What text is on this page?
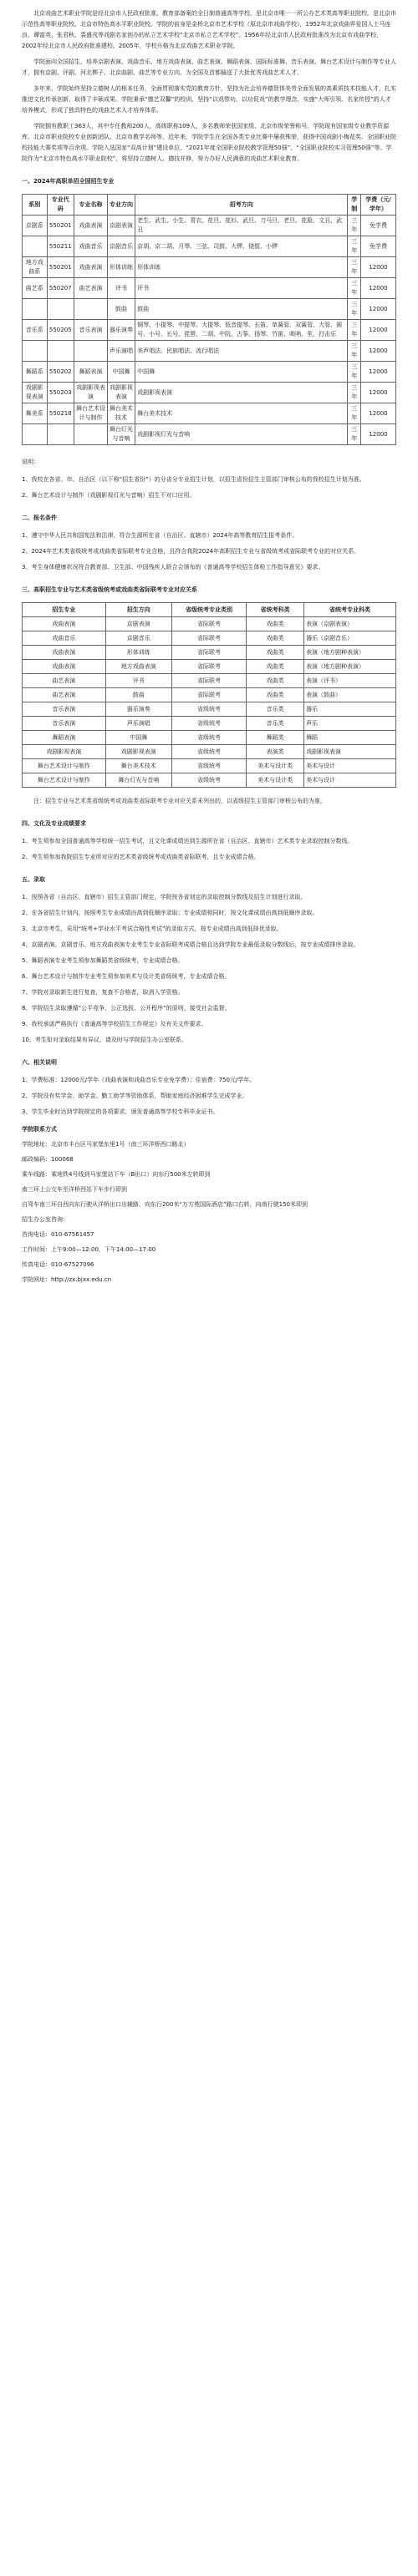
北京戏曲艺术职业学院是经北京市人民政府批准、教育部备案的全日制普通高等学校，是北京市唯一一所公办艺术类高等职业院校。是北京市示范性高等职业院校、北京市特色高水平职业院校。学院的前身是金桥北京市艺术学校（原北京市戏曲学校），1952年北京戏曲界爱国人士马连良、谭富英、张君秋、裘盛戎等戏剧名家创办的私立艺术学校“北京市私立艺术学校”。1956年经北京市人民政府批准改为北京市戏曲学校，2002年经北京市人民政府批准建校。2005年，学校升格为北京戏曲艺术职业学院。

学院面向全国招生，培养京剧表演、戏曲音乐、地方戏曲表演、曲艺表演、舞蹈表演、国际标准舞、音乐表演、舞台艺术设计与制作等专业人才，拥有京剧、评剧、河北梆子、北京曲剧、曲艺等专业方向。为全国及首都输送了大批优秀戏曲艺术人才。

多年来，学院始终坚持立德树人的根本任务，全面贯彻落实党的教育方针，坚持为社会培养德智体美劳全面发展的高素质技术技能人才，扎实推进文化传承创新，取得了丰硕成果。学院秉承“德艺双馨”的校训，坚持“以戏带功，以功促戏”的教学理念，实施“大师引领、名家传授”的人才培养模式，形成了独具特色的戏曲艺术人才培养体系。

学院拥有教职工363人，其中专任教师200人，高级职称109人，多名教师荣获国家级、北京市级荣誉称号。学院现有国家级专业教学资源库、北京市职业院校专业创新团队、北京市教学名师等。近年来，学院学生在全国各类专业比赛中屡获殊荣，获得中国戏剧小梅花奖、全国职业院校技能大赛奖项等百余项。学院入选国家“双高计划”建设单位、“2021年度全国职业院校教学管理50强”、“全国职业院校实习管理50强”等。学院作为“北京市特色高水平职业院校”，将坚持立德树人、德技并修，努力办好人民满意的戏曲艺术职业教育。

一、2024年高职单招全国招生专业
系别	专业代码	专业名称	专业方向	招考方向	学制	学费（元/学年）
京剧系	550201	戏曲表演	京剧表演	老生、武生、小生、青衣、花旦、花衫、武旦、刀马旦、老旦、花脸、文丑、武丑	三年	免学费
	550211	戏曲音乐	京剧音乐	京胡、京二胡、月琴、三弦、司鼓、大锣、铙钹、小锣	三年	免学费
地方戏曲系	550201	戏曲表演	形体训练	形体训练	三年	12000
曲艺系	550207	曲艺表演	评书	评书	三年	12000
			鼓曲	鼓曲	三年	12000
音乐系	550205	音乐表演	器乐演奏	钢琴、小提琴、中提琴、大提琴、低音提琴、长笛、单簧管、双簧管、大管、圆号、小号、长号、琵琶、二胡、中阮、古筝、扬琴、竹笛、唢呐、笙、打击乐	三年	12000
			声乐演唱	美声唱法、民族唱法、流行唱法	三年	12000
舞蹈系	550202	舞蹈表演	中国舞	中国舞	三年	12000
戏剧影视表演	550203	戏剧影视表演	戏剧影视表演	戏剧影视表演	三年	12000
舞美系	550218	舞台艺术设计与制作	舞台美术技术	舞台美术技术	三年	12000
			舞台灯光与音响	戏剧影视灯光与音响	三年	12000
说明：

1、我校在各省、市、自治区（以下称“招生省份”）的分省分专业招生计划，以招生省份招生主管部门审核公布的我校招生计划为准。

2、舞台艺术设计与制作（戏剧影视灯光与音响）招生不对口应用。

二、报名条件

1、遵守中华人民共和国宪法和法律，符合生源所在省（自治区、直辖市）2024年高等教育招生报考条件。

2、2024年艺术类省级统考或戏曲类省际联考专业合格，且符合我院2024年高职招生专业与省级统考或省际联考专业的对应关系。

3、考生身体健康状况符合教育部、卫生部、中国残疾人联合会颁布的《普通高等学校招生体检工作指导意见》要求。

三、高职招生专业与艺术类省级统考或戏曲类省际联考专业对应关系
招生专业	招生方向	省级统考专业类别	省统考科类	省统考专业科类
戏曲表演	京剧表演	省际联考	戏曲类	表演（京剧表演）
戏曲音乐	京剧音乐	省际联考	戏曲类	器乐（京剧音乐）
戏曲表演	形体训练	省际联考	戏曲类	表演（地方剧种表演）
戏曲表演	地方戏曲表演	省际联考	戏曲类	表演（地方剧种表演）
曲艺表演	评书	省际联考	戏曲类	表演（评书）
曲艺表演	鼓曲	省际联考	戏曲类	表演（鼓曲）
音乐表演	器乐演奏	省级统考	音乐类	器乐
音乐表演	声乐演唱	省级统考	音乐类	声乐
舞蹈表演	中国舞	省级统考	舞蹈类	舞蹈
戏剧影视表演	戏剧影视表演	省级统考	表演类	戏剧影视表演
舞台艺术设计与制作	舞台美术技术	省级统考	美术与设计类	美术与设计
舞台艺术设计与制作	舞台灯光与音响	省级统考	美术与设计类	美术与设计

注：招生专业与艺术类省级统考或戏曲类省际联考专业对应关系未列出的，以省级招生主管部门审核公布的为准。

四、文化及专业成绩要求

1、考生须参加全国普通高等学校统一招生考试，且文化课成绩达到生源所在省（自治区、直辖市）艺术类专业录取控制分数线。

2、考生须参加我院招生专业所对应的艺术类省级统考或戏曲类省际联考，且专业成绩合格。

五、录取

1、按照各省（自治区、直辖市）招生主管部门规定，学院按各省划定的录取控制分数线及招生计划进行录取。

2、在各省招生计划内，按照考生专业成绩由高到低顺序录取；专业成绩相同时，按文化课成绩由高到低顺序录取。

3、北京市考生，采用“统考+学业水平考试合格性考试”的录取方式，按专业成绩由高到低择优录取。

4、京剧表演、京剧音乐、地方戏曲表演专业考生专业省际联考成绩合格且达到学院专业最低录取分数线后，按专业成绩排序录取。

5、舞蹈表演专业考生须参加舞蹈类省级统考，专业成绩合格。

6、舞台艺术设计与制作专业考生须参加美术与设计类省级统考，专业成绩合格。

7、学院对录取新生进行复查，复查不合格者，取消入学资格。

8、学院招生录取遵循“公平竞争、公正选拔、公开程序”的原则，接受社会监督。

9、我校承诺严格执行《普通高等学校招生工作规定》及有关文件要求。

10、考生如对录取结果有异议，请及时与学院招生办公室联系。

六、相关说明

1、学费标准：12000元/学年（戏曲表演和戏曲音乐专业免学费）；住宿费：750元/学年。

2、学院设有奖学金、助学金、勤工助学等资助体系，帮助家庭经济困难学生完成学业。

3、学生毕业时达到学院规定的各项要求，颁发普通高等学校专科毕业证书。

学院联系方式

学院地址：北京市丰台区马家堡东里1号（南三环洋桥西口路北）

邮政编码：100068

乘车线路：乘地铁4号线到马家堡站下车（B出口）向东行500米左转即到

南三环上公交车至洋桥西站下车步行即到

自驾车南三环自西向东行驶从洋桥出口出辅路，向东行200米“万方苑国际酒店”路口右转，向南行驶150米即到

招生办公室咨询：

咨询电话：010-67561457

工作时间：上午9:00—12:00，下午14:00—17:00

传真电话：010-67527096

学院网址：http://zx.bjxx.edu.cn
